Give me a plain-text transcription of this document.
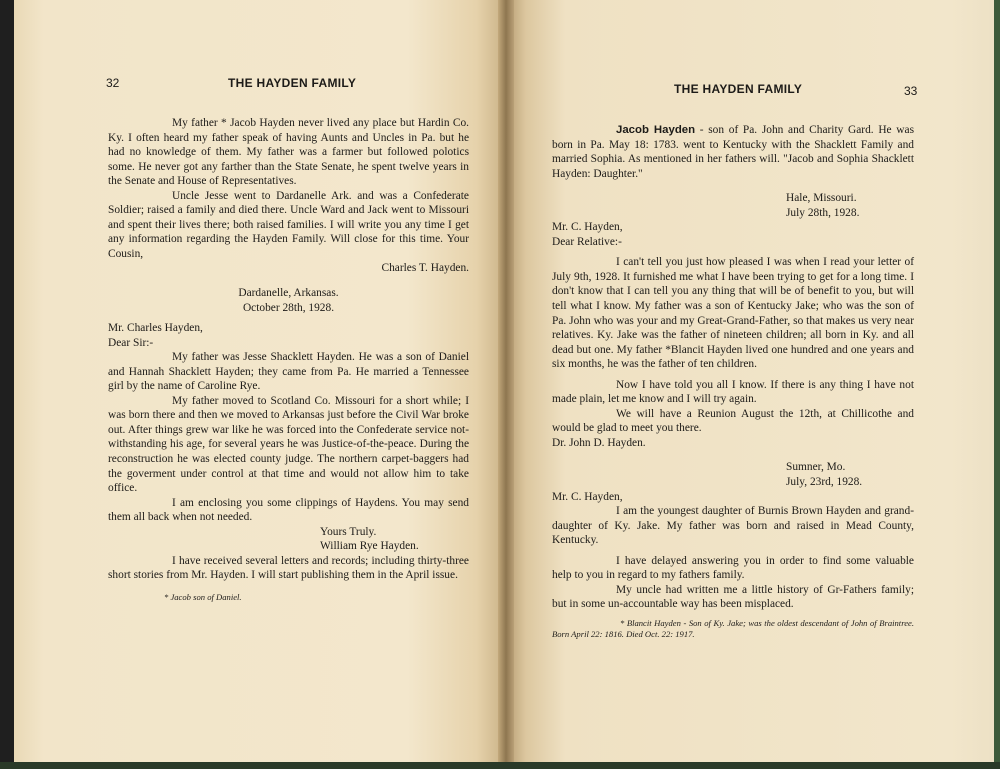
32	THE HAYDEN FAMILY

My father * Jacob Hayden never lived any place but Hardin Co. Ky. I often heard my father speak of having Aunts and Uncles in Pa. but he had no knowledge of them. My father was a farmer but followed polotics some. He never got any farther than the State Senate, he spent twelve years in the Senate and House of Representatives.

Uncle Jesse went to Dardanelle Ark. and was a Confederate Soldier; raised a family and died there. Uncle Ward and Jack went to Missouri and spent their lives there; both raised families. I will write you any time I get any information regarding the Hayden Family. Will close for this time. Your Cousin,

Charles T. Hayden.

Dardanelle, Arkansas.

October 28th, 1928.

Mr. Charles Hayden,

Dear Sir:-

My father was Jesse Shacklett Hayden. He was a son of Daniel and Hannah Shacklett Hayden; they came from Pa. He married a Tennessee girl by the name of Caroline Rye.

My father moved to Scotland Co. Missouri for a short while; I was born there and then we moved to Arkansas just before the Civil War broke out. After things grew war like he was forced into the Confederate service not-withstanding his age, for several years he was Justice-of-the-peace. During the reconstruction he was elected county judge. The northern carpet-baggers had the goverment under control at that time and would not allow him to take office.

I am enclosing you some clippings of Haydens. You may send them all back when not needed.

Yours Truly.

William Rye Hayden.

I have received several letters and records; including thirty-three short stories from Mr. Hayden. I will start publishing them in the April issue.

* Jacob son of Daniel.

THE HAYDEN FAMILY	33

Jacob Hayden - son of Pa. John and Charity Gard. He was born in Pa. May 18: 1783. went to Kentucky with the Shacklett Family and married Sophia. As mentioned in her fathers will. "Jacob and Sophia Shacklett Hayden: Daughter."

Hale, Missouri.

July 28th, 1928.

Mr. C. Hayden,

Dear Relative:-

I can't tell you just how pleased I was when I read your letter of July 9th, 1928. It furnished me what I have been trying to get for a long time. I don't know that I can tell you any thing that will be of benefit to you, but will tell what I know. My father was a son of Kentucky Jake; who was the son of Pa. John who was your and my Great-Grand-Father, so that makes us very near relatives. Ky. Jake was the father of nineteen children; all born in Ky. and all dead but one. My father *Blancit Hayden lived one hundred and one years and six months, he was the father of ten children.

Now I have told you all I know. If there is any thing I have not made plain, let me know and I will try again.

We will have a Reunion August the 12th, at Chillicothe and would be glad to meet you there.

Dr. John D. Hayden.

Sumner, Mo.

July, 23rd, 1928.

Mr. C. Hayden,

I am the youngest daughter of Burnis Brown Hayden and grand-daughter of Ky. Jake. My father was born and raised in Mead County, Kentucky.

I have delayed answering you in order to find some valuable help to you in regard to my fathers family.

My uncle had written me a little history of Gr-Fathers family; but in some un-accountable way has been misplaced.

* Blancit Hayden - Son of Ky. Jake; was the oldest descendant of John of Braintree. Born April 22: 1816. Died Oct. 22: 1917.
